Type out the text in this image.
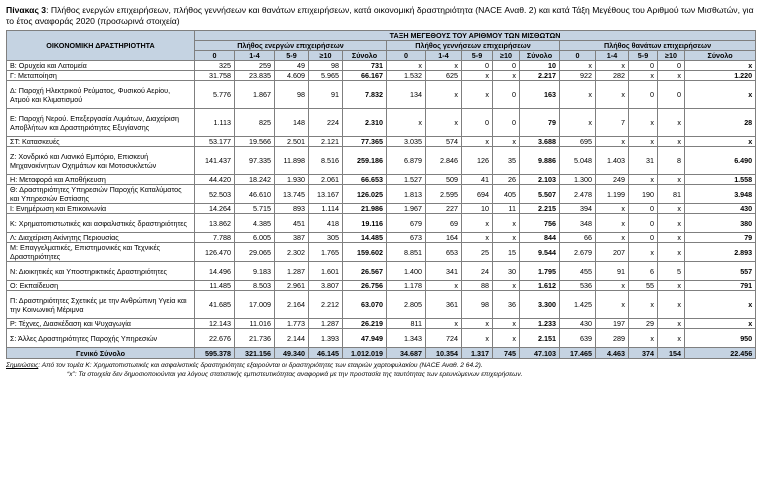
Πίνακας 3: Πλήθος ενεργών επιχειρήσεων, πλήθος γεννήσεων και θανάτων επιχειρήσεων, κατά οικονομική δραστηριότητα (NACE Αναθ. 2) και κατά Τάξη Μεγέθους του Αριθμού των Μισθωτών, για το έτος αναφοράς 2020 (προσωρινά στοιχεία)
ΟΙΚΟΝΟΜΙΚΗ ΔΡΑΣΤΗΡΙΟΤΗΤΑ	ΤΑΞΗ ΜΕΓΕΘΟΥΣ ΤΟΥ ΑΡΙΘΜΟΥ ΤΩΝ ΜΙΣΘΩΤΩΝ														
	Πλήθος ενεργών επιχειρήσεων					Πλήθος γεννήσεων επιχειρήσεων					Πλήθος θανάτων επιχειρήσεων				
	0	1-4	5-9	≥10	Σύνολο	0	1-4	5-9	≥10	Σύνολο	0	1-4	5-9	≥10	Σύνολο
Β: Ορυχεία και Λατομεία	325	259	49	98	731	x	x	0	0	10	x	x	0	0	x
Γ: Μεταποίηση	31.758	23.835	4.609	5.965	66.167	1.532	625	x	x	2.217	922	282	x	x	1.220
Δ: Παροχή Ηλεκτρικού Ρεύματος, Φυσικού Αερίου, Ατμού και Κλιματισμού	5.776	1.867	98	91	7.832	134	x	x	0	163	x	x	0	0	x
Ε: Παροχή Νερού. Επεξεργασία Λυμάτων, Διαχείριση Αποβλήτων και Δραστηριότητες Εξυγίανσης	1.113	825	148	224	2.310	x	x	0	0	79	x	7	x	x	28
ΣΤ: Κατασκευές	53.177	19.566	2.501	2.121	77.365	3.035	574	x	x	3.688	695	x	x	x	x
Ζ: Χονδρικό και Λιανικό Εμπόριο, Επισκευή Μηχανοκίνητων Οχημάτων και Μοτοσυκλετών	141.437	97.335	11.898	8.516	259.186	6.879	2.846	126	35	9.886	5.048	1.403	31	8	6.490
Η: Μεταφορά και Αποθήκευση	44.420	18.242	1.930	2.061	66.653	1.527	509	41	26	2.103	1.300	249	x	x	1.558
Θ: Δραστηριότητες Υπηρεσιών Παροχής Καταλύματος και Υπηρεσιών Εστίασης	52.503	46.610	13.745	13.167	126.025	1.813	2.595	694	405	5.507	2.478	1.199	190	81	3.948
Ι: Ενημέρωση και Επικοινωνία	14.264	5.715	893	1.114	21.986	1.967	227	10	11	2.215	394	x	0	x	430
Κ: Χρηματοπιστωτικές και ασφαλιστικές δραστηριότητες	13.862	4.385	451	418	19.116	679	69	x	x	756	348	x	0	x	380
Λ: Διαχείριση Ακίνητης Περιουσίας	7.788	6.005	387	305	14.485	673	164	x	x	844	66	x	0	x	79
Μ: Επαγγελματικές, Επιστημονικές και Τεχνικές Δραστηριότητες	126.470	29.065	2.302	1.765	159.602	8.851	653	25	15	9.544	2.679	207	x	x	2.893
Ν: Διοικητικές και Υποστηρικτικές Δραστηριότητες	14.496	9.183	1.287	1.601	26.567	1.400	341	24	30	1.795	455	91	6	5	557
Ο: Εκπαίδευση	11.485	8.503	2.961	3.807	26.756	1.178	x	88	x	1.612	536	x	55	x	791
Π: Δραστηριότητες Σχετικές με την Ανθρώπινη Υγεία και την Κοινωνική Μέριμνα	41.685	17.009	2.164	2.212	63.070	2.805	361	98	36	3.300	1.425	x	x	x	x
Ρ: Τέχνες, Διασκέδαση και Ψυχαγωγία	12.143	11.016	1.773	1.287	26.219	811	x	x	x	1.233	430	197	29	x	x
Σ: Άλλες Δραστηριότητες Παροχής Υπηρεσιών	22.676	21.736	2.144	1.393	47.949	1.343	724	x	x	2.151	639	289	x	x	950
Γενικό Σύνολο	595.378	321.156	49.340	46.145	1.012.019	34.687	10.354	1.317	745	47.103	17.465	4.463	374	154	22.456
Σημειώσεις: Από τον τομέα Κ: Χρηματοπιστωτικές και ασφαλιστικές δραστηριότητες εξαιρούνται οι δραστηριότητες των εταιριών χαρτοφυλακίου (NACE Αναθ. 2 64.2).
“x”: Τα στοιχεία δεν δημοσιοποιούνται για λόγους στατιστικής εμπιστευτικότητας αναφορικά με την προστασία της ταυτότητας των ερευνώμενων επιχειρήσεων.
